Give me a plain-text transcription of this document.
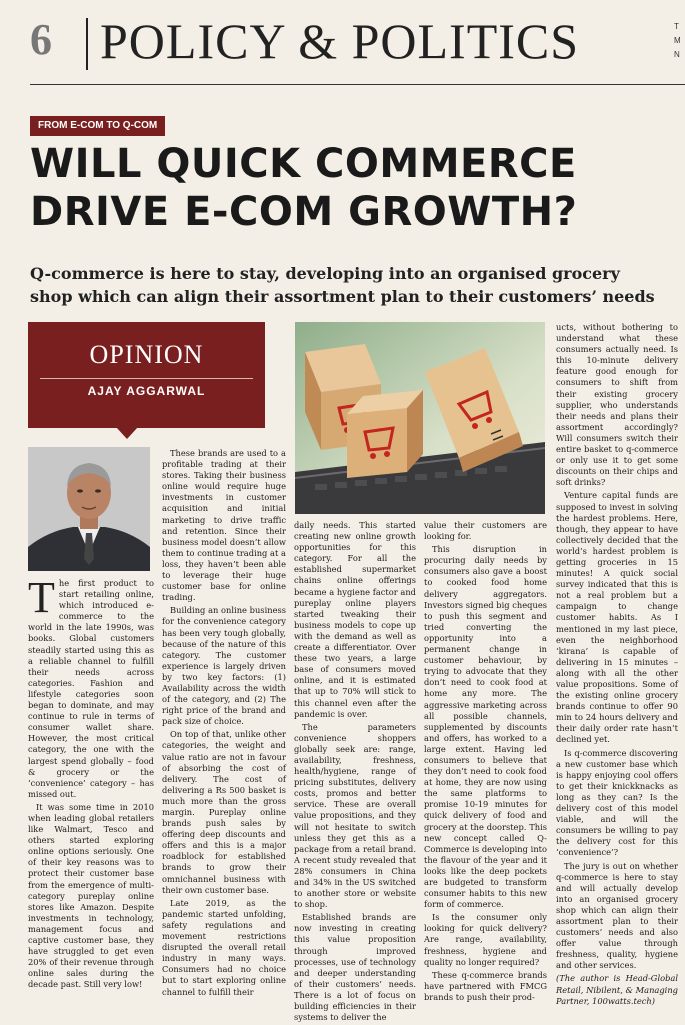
6 POLICY & POLITICS	T
M
N
FROM E-COM TO Q-COM
WILL QUICK COMMERCE
DRIVE E-COM GROWTH?
Q-commerce is here to stay, developing into an organised grocery
shop which can align their assortment plan to their customers’ needs
OPINION
AJAY AGGARWAL

The first product to start retailing online, which introduced e-commerce to the world in the late 1990s, was books. Global customers steadily started using this as a reliable channel to fulfill their needs across categories. Fashion and lifestyle categories soon began to dominate, and may continue to rule in terms of consumer wallet share. However, the most critical category, the one with the largest spend globally – food & grocery or the ‘convenience’ category – has missed out.

It was some time in 2010 when leading global retailers like Walmart, Tesco and others started exploring online options seriously. One of their key reasons was to protect their customer base from the emergence of multi-category pureplay online stores like Amazon. Despite investments in technology, management focus and captive customer base, they have struggled to get even 20% of their revenue through online sales during the decade past. Still very low!

These brands are used to a profitable trading at their stores. Taking their business online would require huge investments in customer acquisition and initial marketing to drive traffic and retention. Since their business model doesn’t allow them to continue trading at a loss, they haven’t been able to leverage their huge customer base for online trading.

Building an online business for the convenience category has been very tough globally, because of the nature of this category. The customer experience is largely driven by two key factors: (1) Availability across the width of the category, and (2) The right price of the brand and pack size of choice.

On top of that, unlike other categories, the weight and value ratio are not in favour of absorbing the cost of delivery. The cost of delivering a Rs 500 basket is much more than the gross margin. Pureplay online brands push sales by offering deep discounts and offers and this is a major roadblock for established brands to grow their omnichannel business with their own customer base.

Late 2019, as the pandemic started unfolding, safety regulations and movement restrictions disrupted the overall retail industry in many ways. Consumers had no choice but to start exploring online channel to fulfill their

daily needs. This started creating new online growth opportunities for this category. For all the established supermarket chains online offerings became a hygiene factor and pureplay online players started tweaking their business models to cope up with the demand as well as create a differentiator. Over these two years, a large base of consumers moved online, and it is estimated that up to 70% will stick to this channel even after the pandemic is over.

The parameters convenience shoppers globally seek are: range, availability, freshness, health/hygiene, range of pricing substitutes, delivery costs, promos and better service. These are overall value propositions, and they will not hesitate to switch unless they get this as a package from a retail brand. A recent study revealed that 28% consumers in China and 34% in the US switched to another store or website to shop.

Established brands are now investing in creating this value proposition through improved processes, use of technology and deeper understanding of their customers’ needs. There is a lot of focus on building efficiencies in their systems to deliver the

value their customers are looking for.

This disruption in procuring daily needs by consumers also gave a boost to cooked food home delivery aggregators. Investors signed big cheques to push this segment and tried converting the opportunity into a permanent change in customer behaviour, by trying to advocate that they don’t need to cook food at home any more. The aggressive marketing across all possible channels, supplemented by discounts and offers, has worked to a large extent. Having led consumers to believe that they don’t need to cook food at home, they are now using the same platforms to promise 10-19 minutes for quick delivery of food and grocery at the doorstep. This new concept called Q-Commerce is developing into the flavour of the year and it looks like the deep pockets are budgeted to transform consumer habits to this new form of commerce.

Is the consumer only looking for quick delivery? Are range, availability, freshness, hygiene and quality no longer required?

These q-commerce brands have partnered with FMCG brands to push their prod-

ucts, without bothering to understand what these consumers actually need. Is this 10-minute delivery feature good enough for consumers to shift from their existing grocery supplier, who understands their needs and plans their assortment accordingly? Will consumers switch their entire basket to q-commerce or only use it to get some discounts on their chips and soft drinks?

Venture capital funds are supposed to invest in solving the hardest problems. Here, though, they appear to have collectively decided that the world’s hardest problem is getting groceries in 15 minutes! A quick social survey indicated that this is not a real problem but a campaign to change customer habits. As I mentioned in my last piece, even the neighborhood ‘kirana’ is capable of delivering in 15 minutes – along with all the other value propositions. Some of the existing online grocery brands continue to offer 90 min to 24 hours delivery and their daily order rate hasn’t declined yet.

Is q-commerce discovering a new customer base which is happy enjoying cool offers to get their knickknacks as long as they can? Is the delivery cost of this model viable, and will the consumers be willing to pay the delivery cost for this ‘convenience’?

The jury is out on whether q-commerce is here to stay and will actually develop into an organised grocery shop which can align their assortment plan to their customers’ needs and also offer value through freshness, quality, hygiene and other services.

(The author is Head-Global Retail, Nibilent, & Managing Partner, 100watts.tech)
